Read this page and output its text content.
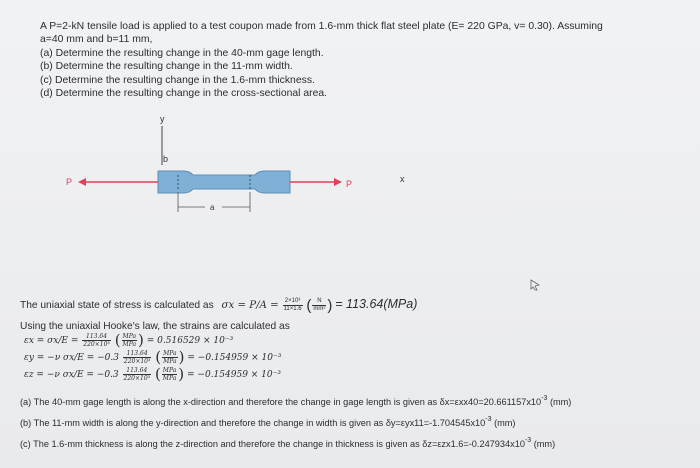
A P=2-kN tensile load is applied to a test coupon made from 1.6-mm thick flat steel plate (E= 220 GPa, v= 0.30). Assuming
a=40 mm and b=11 mm,
(a) Determine the resulting change in the 40-mm gage length.
(b) Determine the resulting change in the 11-mm width.
(c) Determine the resulting change in the 1.6-mm thickness.
(d) Determine the resulting change in the cross-sectional area.
y
b
P	P	x
a
The uniaxial state of stress is calculated as $\sigma x = P/A = \frac{\text{2×10³}}{11\times 1.6}$ ( $\frac{N}{\text{mm²}}$ ) = 113.64(MPa)
Using the uniaxial Hooke's law, the strains are calculated as
$\varepsilon x = \sigma x/E = \frac{113.64}{\text{220×10³}}$ ( $\frac{\text{MPa}}{\text{MPa}}$ ) = 0.516529 × 10⁻³
εy = −ν $\sigma x/E = -0.3 \frac{113.64}{\text{220×10³}}$ ( $\frac{\text{MPa}}{\text{MPa}}$ ) = −0.154959 × 10⁻³
εz = −ν $\sigma x/E = -0.3 \frac{113.64}{\text{220×10³}}$ ( $\frac{\text{MPa}}{\text{MPa}}$ ) = −0.154959 × 10⁻³
(a) The 40-mm gage length is along the x-direction and therefore the change in gage length is given as $\delta x=\varepsilon xx40=20.661157x10^{-3}$ (mm)
(b) The 11-mm width is along the y-direction and therefore the change in width is given as $\delta y=\varepsilon yx11=-1.704545x10^{-3}$ (mm)
(c) The 1.6-mm thickness is along the z-direction and therefore the change in thickness is given as $\delta z=\varepsilon zx1.6=-0.247934x10^{-3}$ (mm)
